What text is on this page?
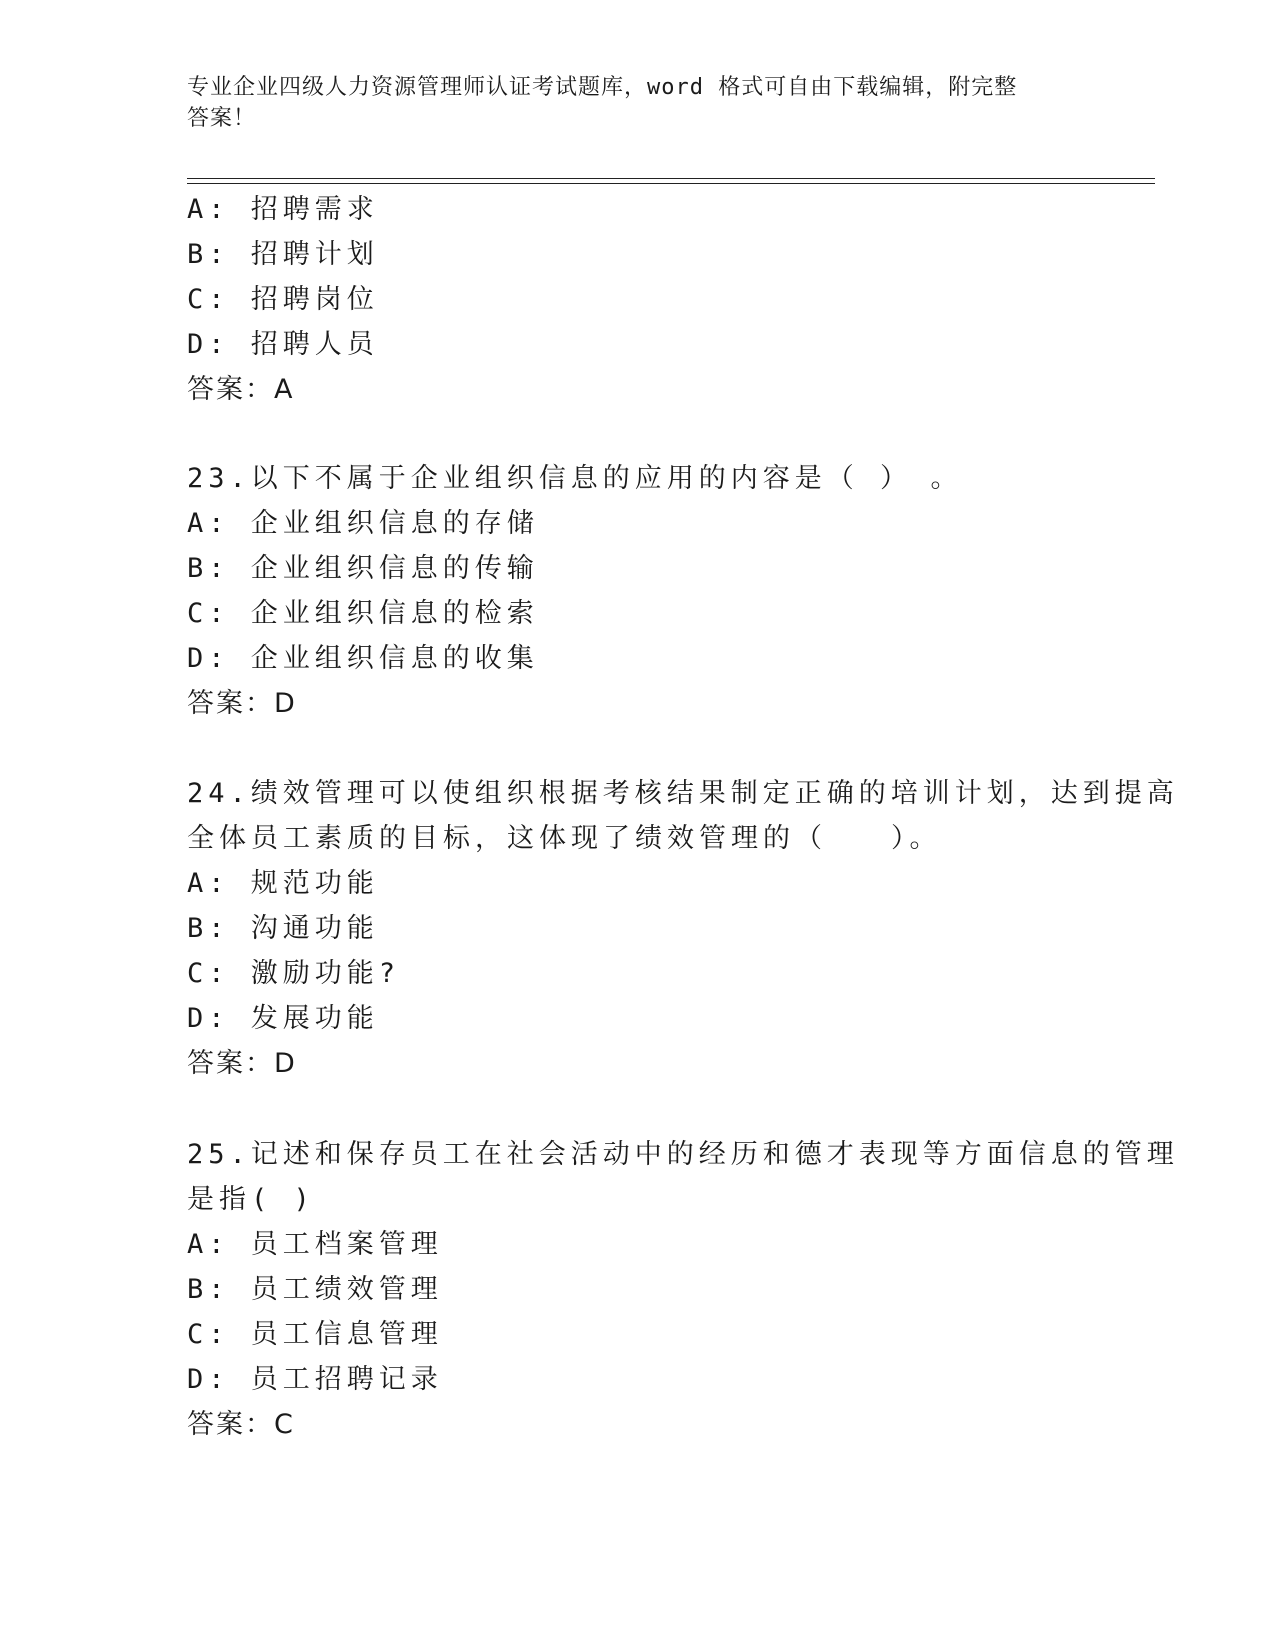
专业企业四级人力资源管理师认证考试题库，word 格式可自由下载编辑，附完整
答案！
A: 招聘需求
B: 招聘计划
C: 招聘岗位
D: 招聘人员
答案：A
23.以下不属于企业组织信息的应用的内容是（ ）　。
A: 企业组织信息的存储
B: 企业组织信息的传输
C: 企业组织信息的检索
D: 企业组织信息的收集
答案：D
24.绩效管理可以使组织根据考核结果制定正确的培训计划，达到提高
全体员工素质的目标，这体现了绩效管理的（　　）。
A: 规范功能
B: 沟通功能
C: 激励功能?
D: 发展功能
答案：D
25.记述和保存员工在社会活动中的经历和德才表现等方面信息的管理
是指( )
A: 员工档案管理
B: 员工绩效管理
C: 员工信息管理
D: 员工招聘记录
答案：C
